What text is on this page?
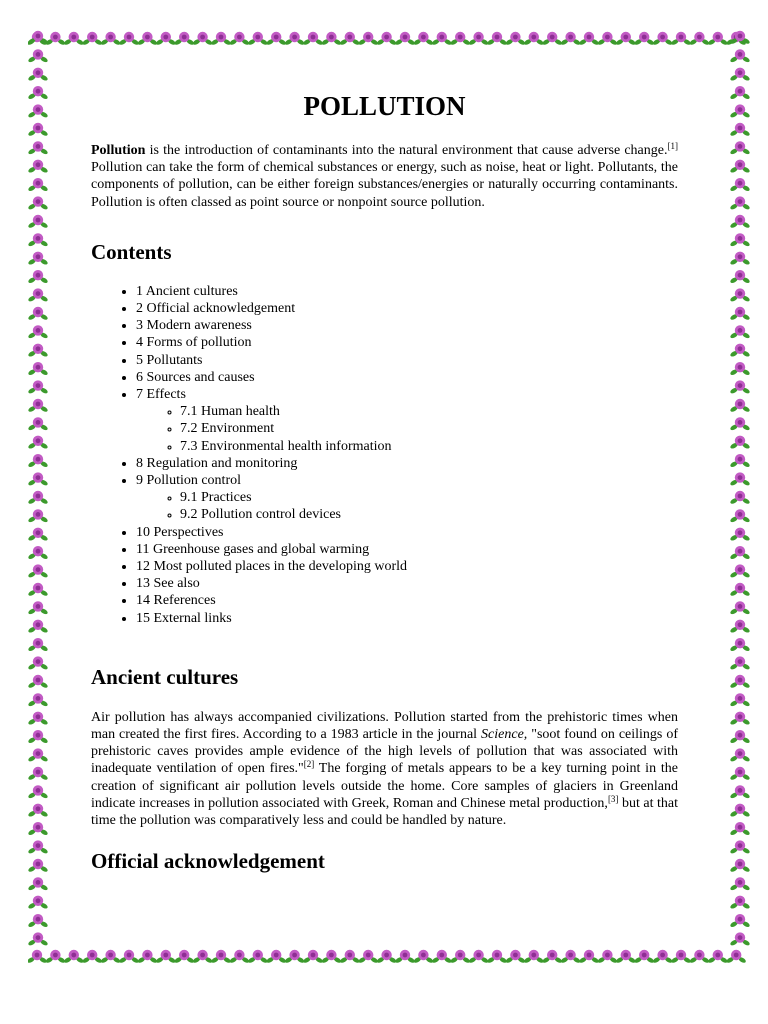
POLLUTION

Pollution is the introduction of contaminants into the natural environment that cause adverse change.[1] Pollution can take the form of chemical substances or energy, such as noise, heat or light. Pollutants, the components of pollution, can be either foreign substances/energies or naturally occurring contaminants. Pollution is often classed as point source or nonpoint source pollution.

Contents
• 1 Ancient cultures
• 2 Official acknowledgement
• 3 Modern awareness
• 4 Forms of pollution
• 5 Pollutants
• 6 Sources and causes
• 7 Effects
◦ 7.1 Human health
◦ 7.2 Environment
◦ 7.3 Environmental health information
• 8 Regulation and monitoring
• 9 Pollution control
◦ 9.1 Practices
◦ 9.2 Pollution control devices
• 10 Perspectives
• 11 Greenhouse gases and global warming
• 12 Most polluted places in the developing world
• 13 See also
• 14 References
• 15 External links
Ancient cultures

Air pollution has always accompanied civilizations. Pollution started from the prehistoric times when man created the first fires. According to a 1983 article in the journal Science, "soot found on ceilings of prehistoric caves provides ample evidence of the high levels of pollution that was associated with inadequate ventilation of open fires."[2] The forging of metals appears to be a key turning point in the creation of significant air pollution levels outside the home. Core samples of glaciers in Greenland indicate increases in pollution associated with Greek, Roman and Chinese metal production,[3] but at that time the pollution was comparatively less and could be handled by nature.

Official acknowledgement
